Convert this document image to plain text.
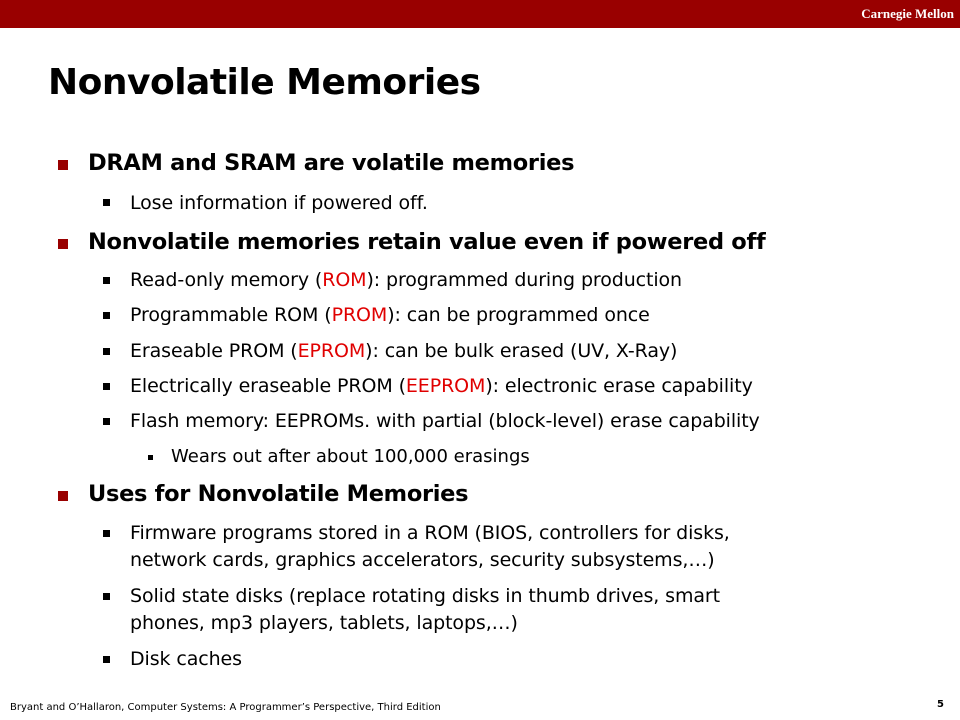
Carnegie Mellon
Nonvolatile Memories
DRAM and SRAM are volatile memories
Lose information if powered off.
Nonvolatile memories retain value even if powered off
Read-only memory (ROM): programmed during production
Programmable ROM (PROM): can be programmed once
Eraseable PROM (EPROM): can be bulk erased (UV, X-Ray)
Electrically eraseable PROM (EEPROM): electronic erase capability
Flash memory: EEPROMs. with partial (block-level) erase capability
Wears out after about 100,000 erasings
Uses for Nonvolatile Memories
Firmware programs stored in a ROM (BIOS, controllers for disks,
network cards, graphics accelerators, security subsystems,…)
Solid state disks (replace rotating disks in thumb drives, smart
phones, mp3 players, tablets, laptops,…)
Disk caches
Bryant and O’Hallaron, Computer Systems: A Programmer’s Perspective, Third Edition	5
